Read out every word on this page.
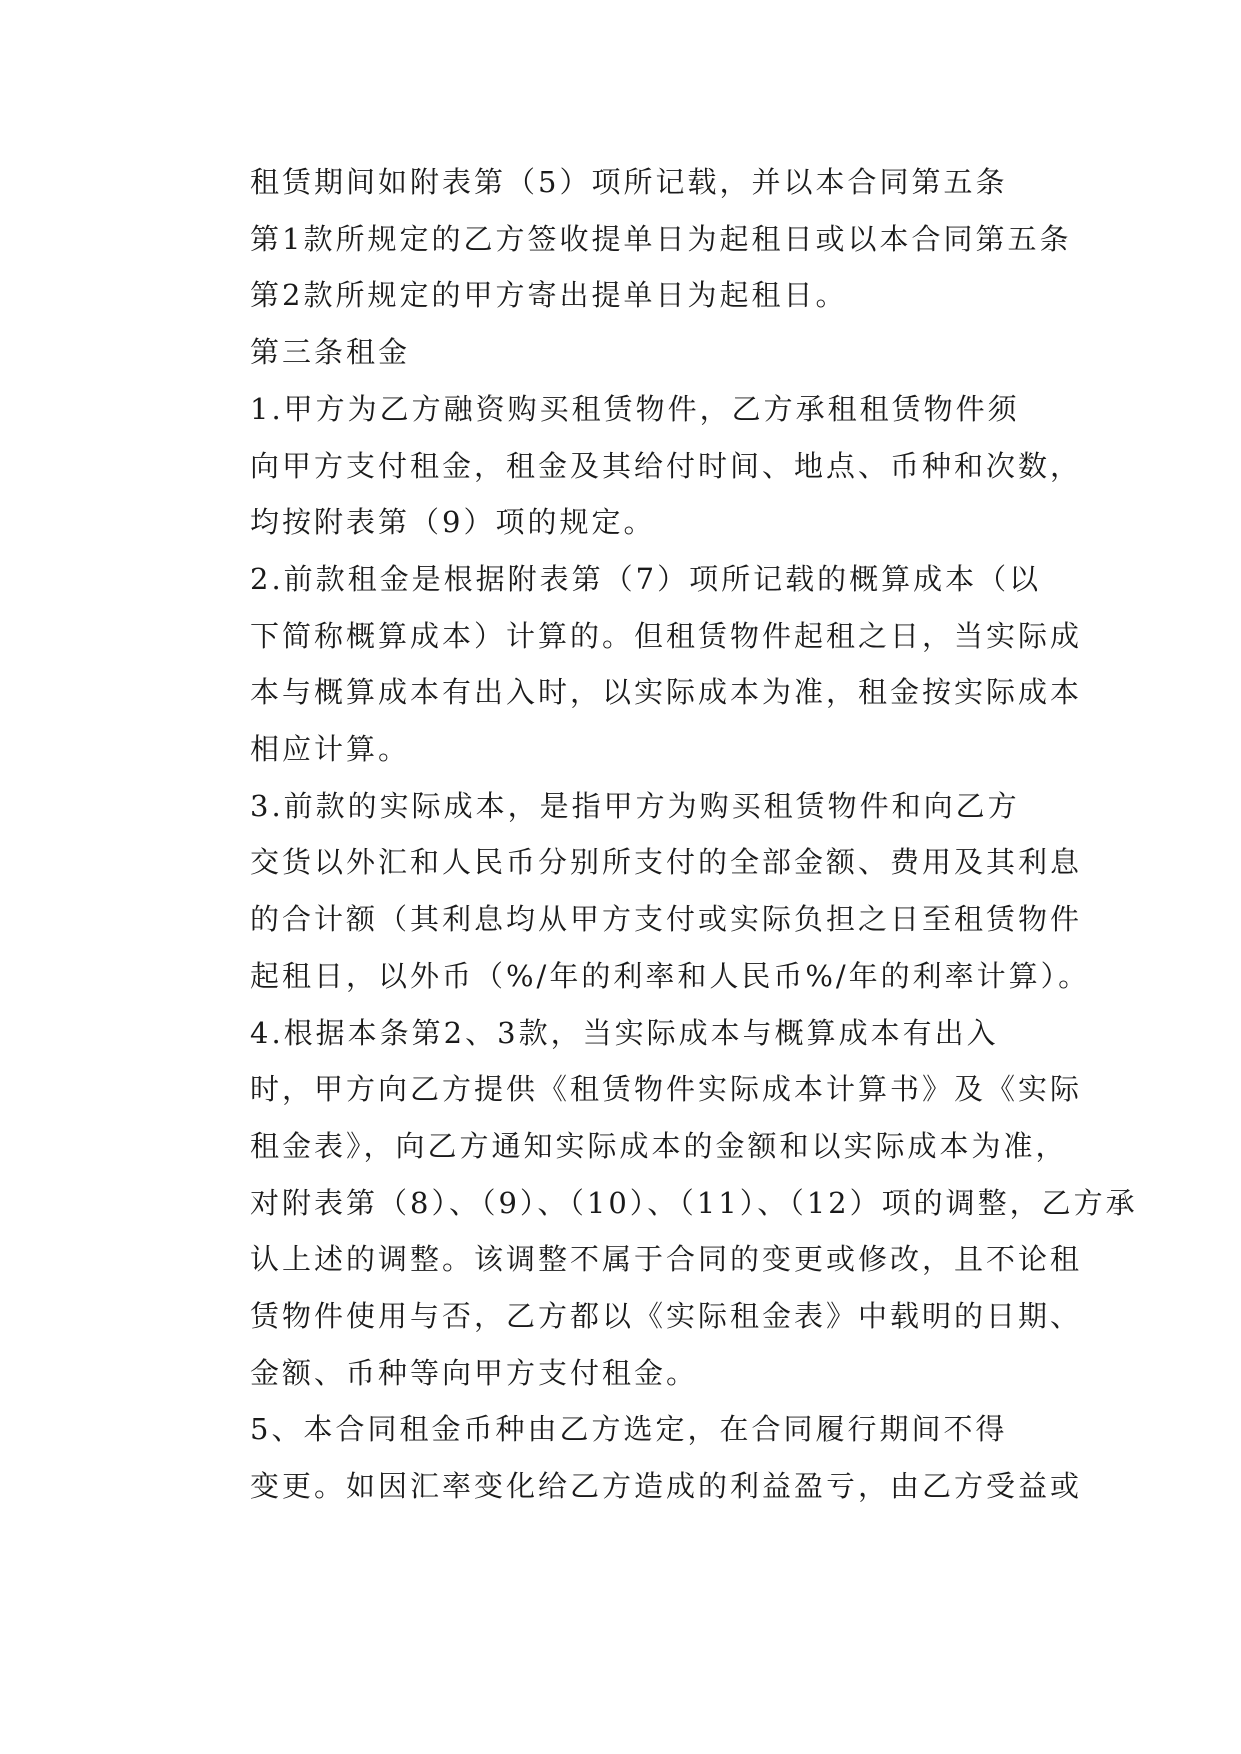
租赁期间如附表第（5）项所记载，并以本合同第五条
第1款所规定的乙方签收提单日为起租日或以本合同第五条
第2款所规定的甲方寄出提单日为起租日。

第三条租金

1.甲方为乙方融资购买租赁物件，乙方承租租赁物件须
向甲方支付租金，租金及其给付时间、地点、币种和次数，
均按附表第（9）项的规定。

2.前款租金是根据附表第（7）项所记载的概算成本（以
下简称概算成本）计算的。但租赁物件起租之日，当实际成
本与概算成本有出入时，以实际成本为准，租金按实际成本
相应计算。

3.前款的实际成本，是指甲方为购买租赁物件和向乙方
交货以外汇和人民币分别所支付的全部金额、费用及其利息
的合计额（其利息均从甲方支付或实际负担之日至租赁物件
起租日，以外币（%/年的利率和人民币%/年的利率计算）。

4.根据本条第2、3款，当实际成本与概算成本有出入
时，甲方向乙方提供《租赁物件实际成本计算书》及《实际
租金表》，向乙方通知实际成本的金额和以实际成本为准，
对附表第（8）、（9）、（10）、（11）、（12）项的调整，乙方承
认上述的调整。该调整不属于合同的变更或修改，且不论租
赁物件使用与否，乙方都以《实际租金表》中载明的日期、
金额、币种等向甲方支付租金。

5、本合同租金币种由乙方选定，在合同履行期间不得
变更。如因汇率变化给乙方造成的利益盈亏，由乙方受益或
